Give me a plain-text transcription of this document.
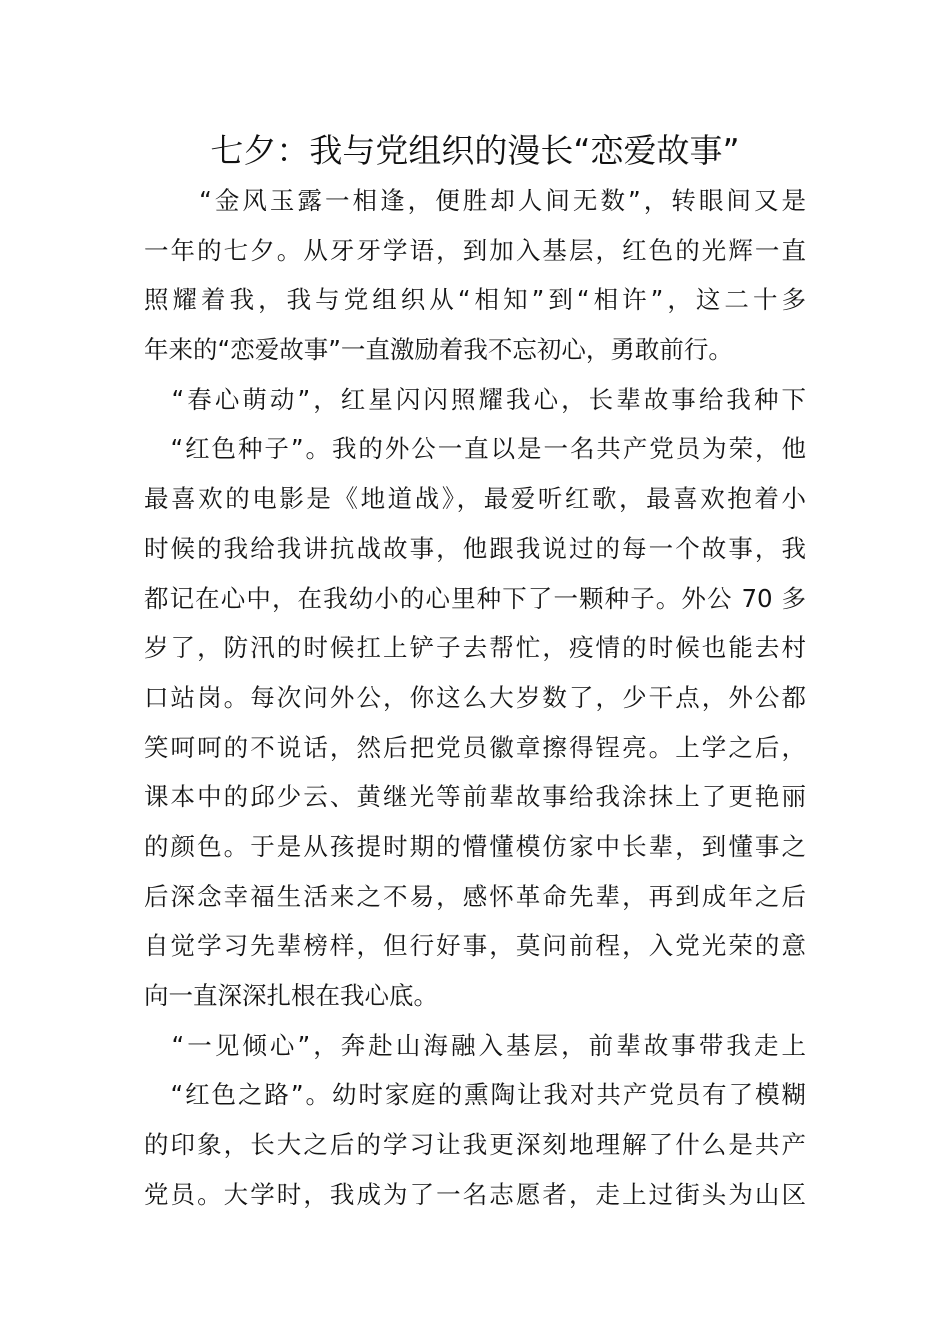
七夕：我与党组织的漫长“恋爱故事”
　　“金风玉露一相逢，便胜却人间无数”，转眼间又是
一年的七夕。从牙牙学语，到加入基层，红色的光辉一直
照耀着我，我与党组织从“相知”到“相许”，这二十多
年来的“恋爱故事”一直激励着我不忘初心，勇敢前行。
　“春心萌动”，红星闪闪照耀我心，长辈故事给我种下
　“红色种子”。我的外公一直以是一名共产党员为荣，他
最喜欢的电影是《地道战》，最爱听红歌，最喜欢抱着小
时候的我给我讲抗战故事，他跟我说过的每一个故事，我
都记在心中，在我幼小的心里种下了一颗种子。外公 70 多
岁了，防汛的时候扛上铲子去帮忙，疫情的时候也能去村
口站岗。每次问外公，你这么大岁数了，少干点，外公都
笑呵呵的不说话，然后把党员徽章擦得锃亮。上学之后，
课本中的邱少云、黄继光等前辈故事给我涂抹上了更艳丽
的颜色。于是从孩提时期的懵懂模仿家中长辈，到懂事之
后深念幸福生活来之不易，感怀革命先辈，再到成年之后
自觉学习先辈榜样，但行好事，莫问前程，入党光荣的意
向一直深深扎根在我心底。
　“一见倾心”，奔赴山海融入基层，前辈故事带我走上
　“红色之路”。幼时家庭的熏陶让我对共产党员有了模糊
的印象，长大之后的学习让我更深刻地理解了什么是共产
党员。大学时，我成为了一名志愿者，走上过街头为山区
